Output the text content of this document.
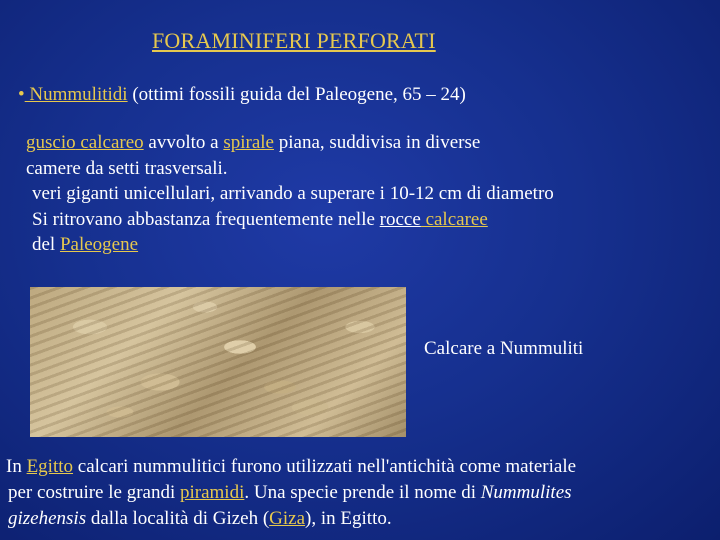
FORAMINIFERI PERFORATI
• Nummulitidi (ottimi fossili guida del Paleogene, 65 – 24)
guscio calcareo avvolto a spirale piana, suddivisa in diverse
camere da setti trasversali.
veri giganti unicellulari, arrivando a superare i 10-12 cm di diametro
Si ritrovano abbastanza frequentemente nelle rocce calcaree
del Paleogene
Calcare a Nummuliti
In Egitto calcari nummulitici furono utilizzati nell'antichità come materiale
per costruire le grandi piramidi. Una specie prende il nome di Nummulites
gizehensis dalla località di Gizeh (Giza), in Egitto.
